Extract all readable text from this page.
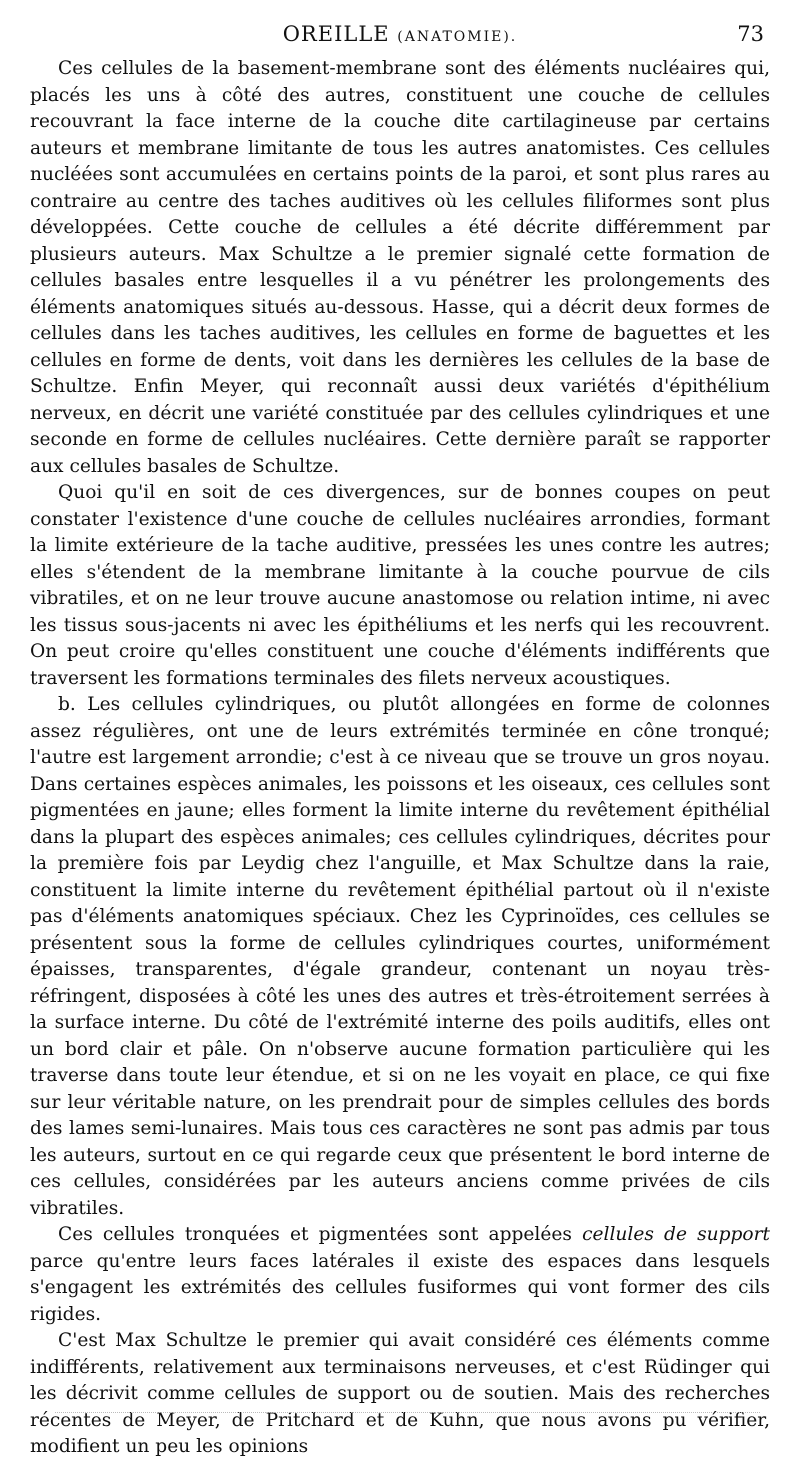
OREILLE (ANATOMIE).	73

Ces cellules de la basement-membrane sont des éléments nucléaires qui, placés les uns à côté des autres, constituent une couche de cellules recouvrant la face interne de la couche dite cartilagineuse par certains auteurs et membrane limitante de tous les autres anatomistes. Ces cellules nucléées sont accumulées en certains points de la paroi, et sont plus rares au contraire au centre des taches auditives où les cellules filiformes sont plus développées. Cette couche de cellules a été décrite différemment par plusieurs auteurs. Max Schultze a le premier signalé cette formation de cellules basales entre lesquelles il a vu pénétrer les prolongements des éléments anatomiques situés au-dessous. Hasse, qui a décrit deux formes de cellules dans les taches auditives, les cellules en forme de baguettes et les cellules en forme de dents, voit dans les dernières les cellules de la base de Schultze. Enfin Meyer, qui reconnaît aussi deux variétés d'épithélium nerveux, en décrit une variété constituée par des cellules cylindriques et une seconde en forme de cellules nucléaires. Cette dernière paraît se rapporter aux cellules basales de Schultze.

Quoi qu'il en soit de ces divergences, sur de bonnes coupes on peut constater l'existence d'une couche de cellules nucléaires arrondies, formant la limite extérieure de la tache auditive, pressées les unes contre les autres; elles s'étendent de la membrane limitante à la couche pourvue de cils vibratiles, et on ne leur trouve aucune anastomose ou relation intime, ni avec les tissus sous-jacents ni avec les épithéliums et les nerfs qui les recouvrent. On peut croire qu'elles constituent une couche d'éléments indifférents que traversent les formations terminales des filets nerveux acoustiques.

b. Les cellules cylindriques, ou plutôt allongées en forme de colonnes assez régulières, ont une de leurs extrémités terminée en cône tronqué; l'autre est largement arrondie; c'est à ce niveau que se trouve un gros noyau. Dans certaines espèces animales, les poissons et les oiseaux, ces cellules sont pigmentées en jaune; elles forment la limite interne du revêtement épithélial dans la plupart des espèces animales; ces cellules cylindriques, décrites pour la première fois par Leydig chez l'anguille, et Max Schultze dans la raie, constituent la limite interne du revêtement épithélial partout où il n'existe pas d'éléments anatomiques spéciaux. Chez les Cyprinoïdes, ces cellules se présentent sous la forme de cellules cylindriques courtes, uniformément épaisses, transparentes, d'égale grandeur, contenant un noyau très-réfringent, disposées à côté les unes des autres et très-étroitement serrées à la surface interne. Du côté de l'extrémité interne des poils auditifs, elles ont un bord clair et pâle. On n'observe aucune formation particulière qui les traverse dans toute leur étendue, et si on ne les voyait en place, ce qui fixe sur leur véritable nature, on les prendrait pour de simples cellules des bords des lames semi-lunaires. Mais tous ces caractères ne sont pas admis par tous les auteurs, surtout en ce qui regarde ceux que présentent le bord interne de ces cellules, considérées par les auteurs anciens comme privées de cils vibratiles.

Ces cellules tronquées et pigmentées sont appelées cellules de support parce qu'entre leurs faces latérales il existe des espaces dans lesquels s'engagent les extrémités des cellules fusiformes qui vont former des cils rigides.

C'est Max Schultze le premier qui avait considéré ces éléments comme indifférents, relativement aux terminaisons nerveuses, et c'est Rüdinger qui les décrivit comme cellules de support ou de soutien. Mais des recherches récentes de Meyer, de Pritchard et de Kuhn, que nous avons pu vérifier, modifient un peu les opinions
